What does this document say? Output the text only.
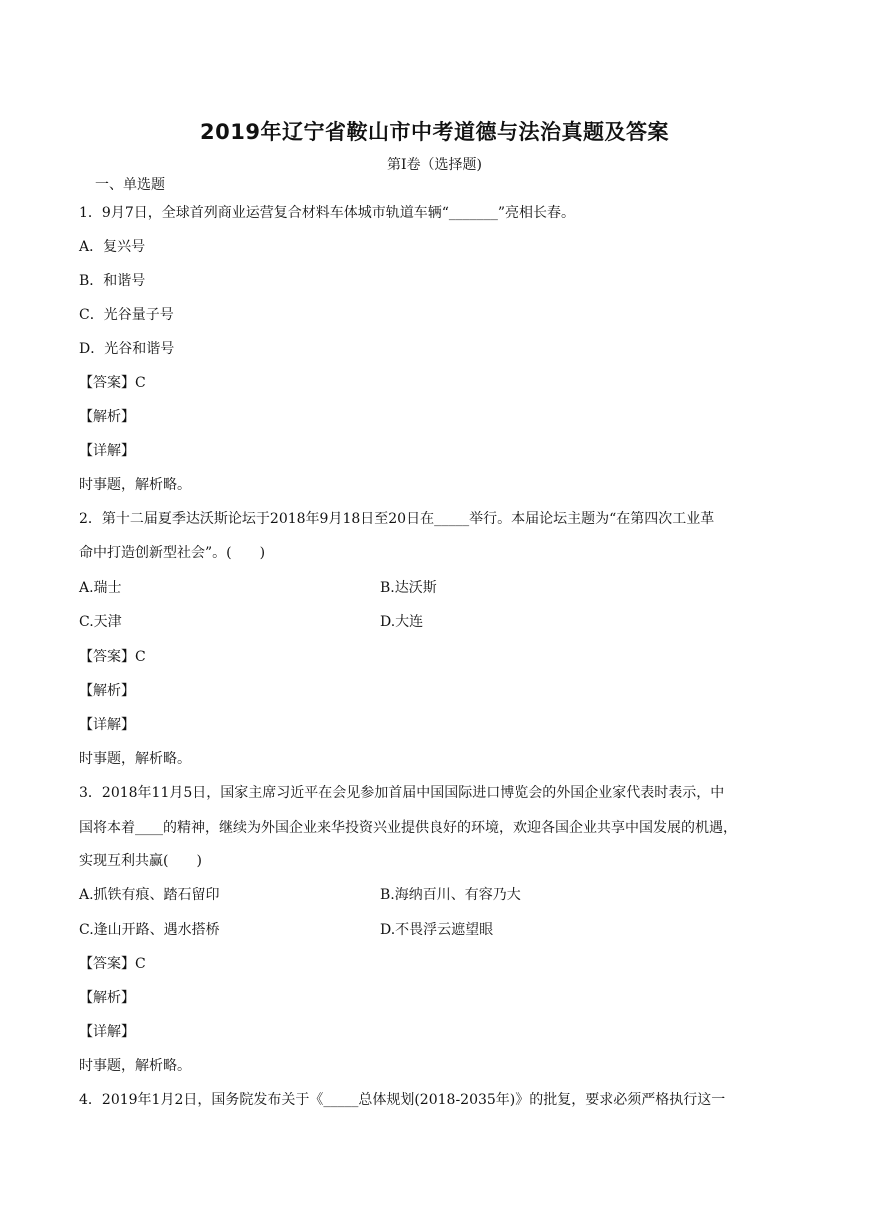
2019年辽宁省鞍山市中考道德与法治真题及答案
第Ⅰ卷（选择题)
一、单选题
1．9月7日，全球首列商业运营复合材料车体城市轨道车辆“_______”亮相长春。
A．复兴号
B．和谐号
C．光谷量子号
D．光谷和谐号
【答案】C
【解析】
【详解】
时事题，解析略。
2．第十二届夏季达沃斯论坛于2018年9月18日至20日在_____举行。本届论坛主题为“在第四次工业革
命中打造创新型社会”。(　　)
A.瑞士	B.达沃斯
C.天津	D.大连
【答案】C
【解析】
【详解】
时事题，解析略。
3．2018年11月5日，国家主席习近平在会见参加首届中国国际进口博览会的外国企业家代表时表示，中
国将本着____的精神，继续为外国企业来华投资兴业提供良好的环境，欢迎各国企业共享中国发展的机遇，
实现互利共赢(　　)
A.抓铁有痕、踏石留印	B.海纳百川、有容乃大
C.逢山开路、遇水搭桥	D.不畏浮云遮望眼
【答案】C
【解析】
【详解】
时事题，解析略。
4．2019年1月2日，国务院发布关于《_____总体规划(2018-2035年)》的批复，要求必须严格执行这一
